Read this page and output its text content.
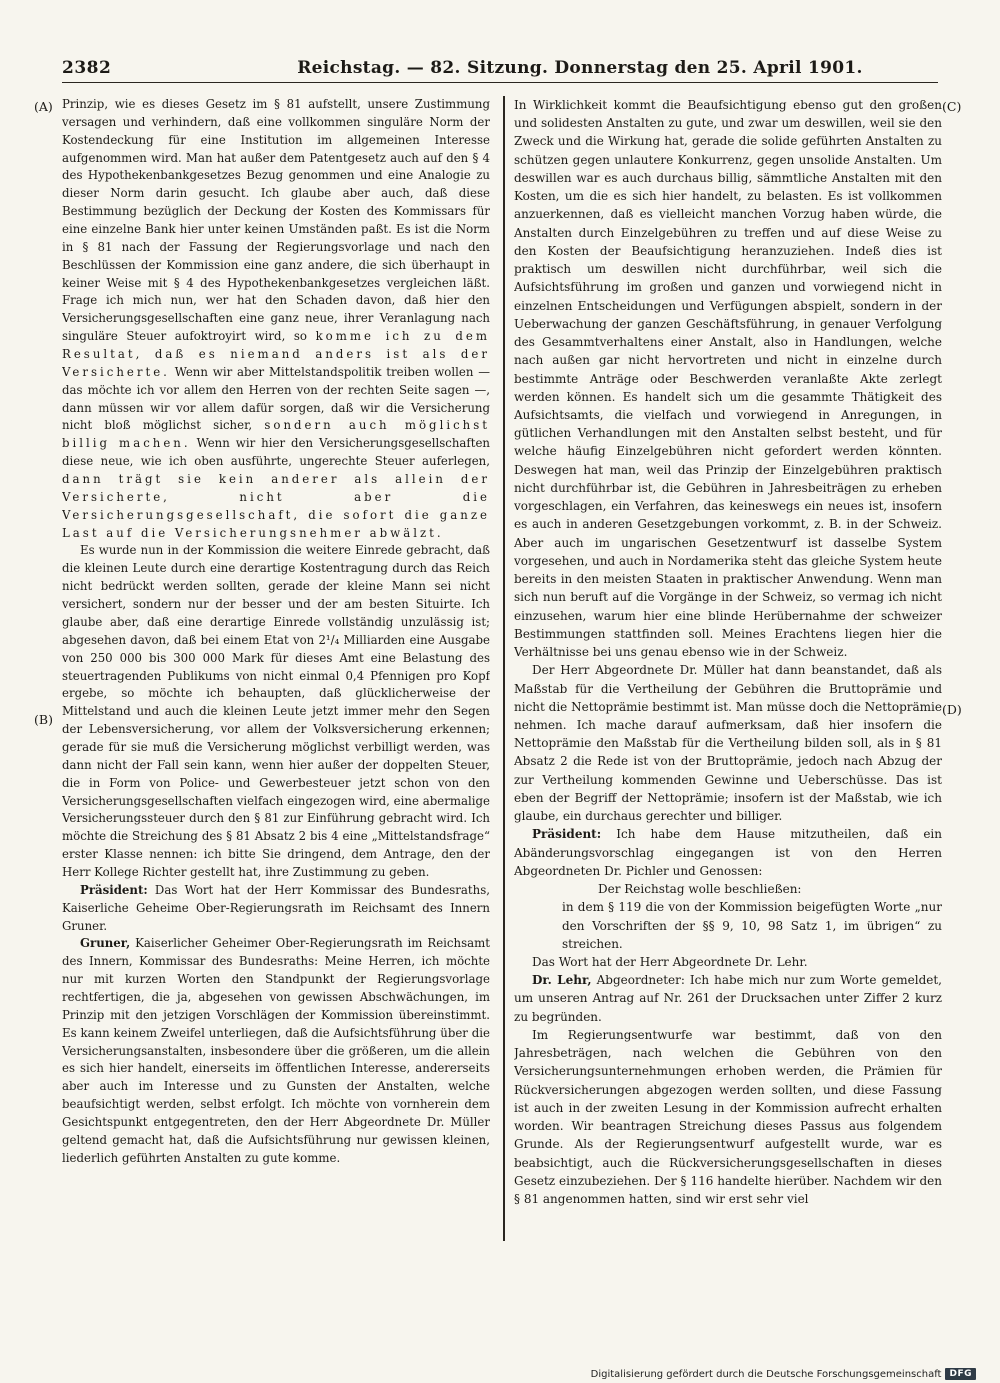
2382	Reichstag. — 82. Sitzung. Donnerstag den 25. April 1901.
(A)
(B)
(C)
(D)

Prinzip, wie es dieses Gesetz im § 81 aufstellt, unsere Zustimmung versagen und verhindern, daß eine vollkommen singuläre Norm der Kostendeckung für eine Institution im allgemeinen Interesse aufgenommen wird. Man hat außer dem Patentgesetz auch auf den § 4 des Hypothekenbankgesetzes Bezug genommen und eine Analogie zu dieser Norm darin gesucht. Ich glaube aber auch, daß diese Bestimmung bezüglich der Deckung der Kosten des Kommissars für eine einzelne Bank hier unter keinen Umständen paßt. Es ist die Norm in § 81 nach der Fassung der Regierungsvorlage und nach den Beschlüssen der Kommission eine ganz andere, die sich überhaupt in keiner Weise mit § 4 des Hypothekenbankgesetzes vergleichen läßt. Frage ich mich nun, wer hat den Schaden davon, daß hier den Versicherungsgesellschaften eine ganz neue, ihrer Veranlagung nach singuläre Steuer aufoktroyirt wird, so komme ich zu dem Resultat, daß es niemand anders ist als der Versicherte. Wenn wir aber Mittelstandspolitik treiben wollen — das möchte ich vor allem den Herren von der rechten Seite sagen —, dann müssen wir vor allem dafür sorgen, daß wir die Versicherung nicht bloß möglichst sicher, sondern auch möglichst billig machen. Wenn wir hier den Versicherungsgesellschaften diese neue, wie ich oben ausführte, ungerechte Steuer auferlegen, dann trägt sie kein anderer als allein der Versicherte, nicht aber die Versicherungsgesellschaft, die sofort die ganze Last auf die Versicherungsnehmer abwälzt.

Es wurde nun in der Kommission die weitere Einrede gebracht, daß die kleinen Leute durch eine derartige Kostentragung durch das Reich nicht bedrückt werden sollten, gerade der kleine Mann sei nicht versichert, sondern nur der besser und der am besten Situirte. Ich glaube aber, daß eine derartige Einrede vollständig unzulässig ist; abgesehen davon, daß bei einem Etat von 2¹/₄ Milliarden eine Ausgabe von 250 000 bis 300 000 Mark für dieses Amt eine Belastung des steuertragenden Publikums von nicht einmal 0,4 Pfennigen pro Kopf ergebe, so möchte ich behaupten, daß glücklicherweise der Mittelstand und auch die kleinen Leute jetzt immer mehr den Segen der Lebensversicherung, vor allem der Volksversicherung erkennen; gerade für sie muß die Versicherung möglichst verbilligt werden, was dann nicht der Fall sein kann, wenn hier außer der doppelten Steuer, die in Form von Police- und Gewerbesteuer jetzt schon von den Versicherungsgesellschaften vielfach eingezogen wird, eine abermalige Versicherungssteuer durch den § 81 zur Einführung gebracht wird. Ich möchte die Streichung des § 81 Absatz 2 bis 4 eine „Mittelstandsfrage“ erster Klasse nennen: ich bitte Sie dringend, dem Antrage, den der Herr Kollege Richter gestellt hat, ihre Zustimmung zu geben.

Präsident: Das Wort hat der Herr Kommissar des Bundesraths, Kaiserliche Geheime Ober-Regierungsrath im Reichsamt des Innern Gruner.

Gruner, Kaiserlicher Geheimer Ober-Regierungsrath im Reichsamt des Innern, Kommissar des Bundesraths: Meine Herren, ich möchte nur mit kurzen Worten den Standpunkt der Regierungsvorlage rechtfertigen, die ja, abgesehen von gewissen Abschwächungen, im Prinzip mit den jetzigen Vorschlägen der Kommission übereinstimmt. Es kann keinem Zweifel unterliegen, daß die Aufsichtsführung über die Versicherungsanstalten, insbesondere über die größeren, um die allein es sich hier handelt, einerseits im öffentlichen Interesse, andererseits aber auch im Interesse und zu Gunsten der Anstalten, welche beaufsichtigt werden, selbst erfolgt. Ich möchte von vornherein dem Gesichtspunkt entgegentreten, den der Herr Abgeordnete Dr. Müller geltend gemacht hat, daß die Aufsichtsführung nur gewissen kleinen, liederlich geführten Anstalten zu gute komme.

In Wirklichkeit kommt die Beaufsichtigung ebenso gut den großen und solidesten Anstalten zu gute, und zwar um deswillen, weil sie den Zweck und die Wirkung hat, gerade die solide geführten Anstalten zu schützen gegen unlautere Konkurrenz, gegen unsolide Anstalten. Um deswillen war es auch durchaus billig, sämmtliche Anstalten mit den Kosten, um die es sich hier handelt, zu belasten. Es ist vollkommen anzuerkennen, daß es vielleicht manchen Vorzug haben würde, die Anstalten durch Einzelgebühren zu treffen und auf diese Weise zu den Kosten der Beaufsichtigung heranzuziehen. Indeß dies ist praktisch um deswillen nicht durchführbar, weil sich die Aufsichtsführung im großen und ganzen und vorwiegend nicht in einzelnen Entscheidungen und Verfügungen abspielt, sondern in der Ueberwachung der ganzen Geschäftsführung, in genauer Verfolgung des Gesammtverhaltens einer Anstalt, also in Handlungen, welche nach außen gar nicht hervortreten und nicht in einzelne durch bestimmte Anträge oder Beschwerden veranlaßte Akte zerlegt werden können. Es handelt sich um die gesammte Thätigkeit des Aufsichtsamts, die vielfach und vorwiegend in Anregungen, in gütlichen Verhandlungen mit den Anstalten selbst besteht, und für welche häufig Einzelgebühren nicht gefordert werden könnten. Deswegen hat man, weil das Prinzip der Einzelgebühren praktisch nicht durchführbar ist, die Gebühren in Jahresbeiträgen zu erheben vorgeschlagen, ein Verfahren, das keineswegs ein neues ist, insofern es auch in anderen Gesetzgebungen vorkommt, z. B. in der Schweiz. Aber auch im ungarischen Gesetzentwurf ist dasselbe System vorgesehen, und auch in Nordamerika steht das gleiche System heute bereits in den meisten Staaten in praktischer Anwendung. Wenn man sich nun beruft auf die Vorgänge in der Schweiz, so vermag ich nicht einzusehen, warum hier eine blinde Herübernahme der schweizer Bestimmungen stattfinden soll. Meines Erachtens liegen hier die Verhältnisse bei uns genau ebenso wie in der Schweiz.

Der Herr Abgeordnete Dr. Müller hat dann beanstandet, daß als Maßstab für die Vertheilung der Gebühren die Bruttoprämie und nicht die Nettoprämie bestimmt ist. Man müsse doch die Nettoprämie nehmen. Ich mache darauf aufmerksam, daß hier insofern die Nettoprämie den Maßstab für die Vertheilung bilden soll, als in § 81 Absatz 2 die Rede ist von der Bruttoprämie, jedoch nach Abzug der zur Vertheilung kommenden Gewinne und Ueberschüsse. Das ist eben der Begriff der Nettoprämie; insofern ist der Maßstab, wie ich glaube, ein durchaus gerechter und billiger.

Präsident: Ich habe dem Hause mitzutheilen, daß ein Abänderungsvorschlag eingegangen ist von den Herren Abgeordneten Dr. Pichler und Genossen:

Der Reichstag wolle beschließen:

in dem § 119 die von der Kommission beigefügten Worte „nur den Vorschriften der §§ 9, 10, 98 Satz 1, im übrigen“ zu streichen.

Das Wort hat der Herr Abgeordnete Dr. Lehr.

Dr. Lehr, Abgeordneter: Ich habe mich nur zum Worte gemeldet, um unseren Antrag auf Nr. 261 der Drucksachen unter Ziffer 2 kurz zu begründen.

Im Regierungsentwurfe war bestimmt, daß von den Jahresbeträgen, nach welchen die Gebühren von den Versicherungsunternehmungen erhoben werden, die Prämien für Rückversicherungen abgezogen werden sollten, und diese Fassung ist auch in der zweiten Lesung in der Kommission aufrecht erhalten worden. Wir beantragen Streichung dieses Passus aus folgendem Grunde. Als der Regierungsentwurf aufgestellt wurde, war es beabsichtigt, auch die Rückversicherungsgesellschaften in dieses Gesetz einzubeziehen. Der § 116 handelte hierüber. Nachdem wir den § 81 angenommen hatten, sind wir erst sehr viel

Digitalisierung gefördert durch die Deutsche Forschungsgemeinschaft DFG
